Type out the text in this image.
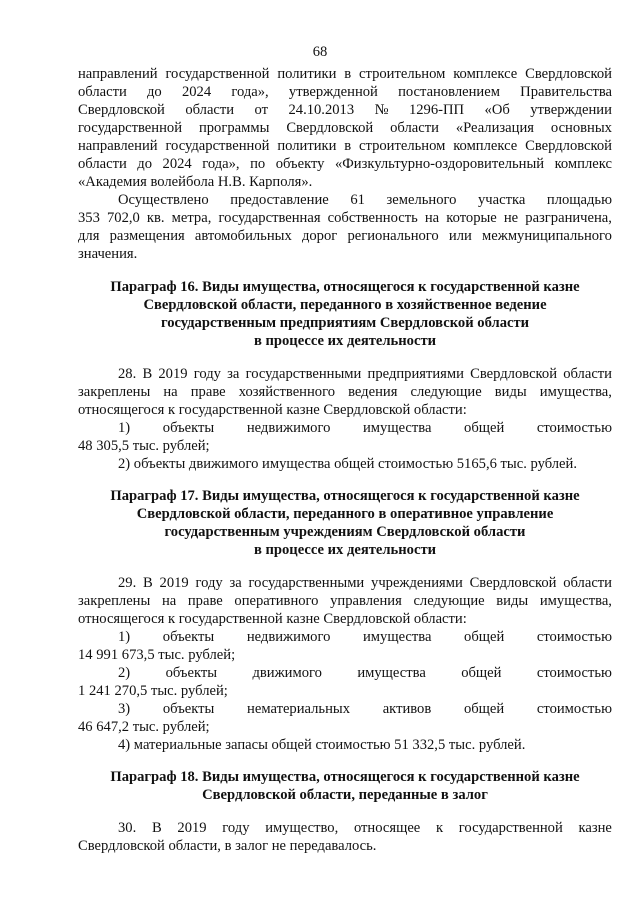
68
направлений государственной политики в строительном комплексе Свердловской
области до 2024 года», утвержденной постановлением Правительства
Свердловской области от 24.10.2013 № 1296-ПП «Об утверждении
государственной программы Свердловской области «Реализация основных
направлений государственной политики в строительном комплексе Свердловской
области до 2024 года», по объекту «Физкультурно-оздоровительный комплекс
«Академия волейбола Н.В. Карполя».
Осуществлено предоставление 61 земельного участка площадью
353 702,0 кв. метра, государственная собственность на которые не разграничена,
для размещения автомобильных дорог регионального или межмуниципального
значения.
Параграф 16. Виды имущества, относящегося к государственной казне
Свердловской области, переданного в хозяйственное ведение
государственным предприятиям Свердловской области
в процессе их деятельности
28. В 2019 году за государственными предприятиями Свердловской области
закреплены на праве хозяйственного ведения следующие виды имущества,
относящегося к государственной казне Свердловской области:
1) объекты недвижимого имущества общей стоимостью
48 305,5 тыс. рублей;
2) объекты движимого имущества общей стоимостью 5165,6 тыс. рублей.
Параграф 17. Виды имущества, относящегося к государственной казне
Свердловской области, переданного в оперативное управление
государственным учреждениям Свердловской области
в процессе их деятельности
29. В 2019 году за государственными учреждениями Свердловской области
закреплены на праве оперативного управления следующие виды имущества,
относящегося к государственной казне Свердловской области:
1) объекты недвижимого имущества общей стоимостью
14 991 673,5 тыс. рублей;
2) объекты движимого имущества общей стоимостью
1 241 270,5 тыс. рублей;
3) объекты нематериальных активов общей стоимостью
46 647,2 тыс. рублей;
4) материальные запасы общей стоимостью 51 332,5 тыс. рублей.
Параграф 18. Виды имущества, относящегося к государственной казне
Свердловской области, переданные в залог
30. В 2019 году имущество, относящее к государственной казне
Свердловской области, в залог не передавалось.
